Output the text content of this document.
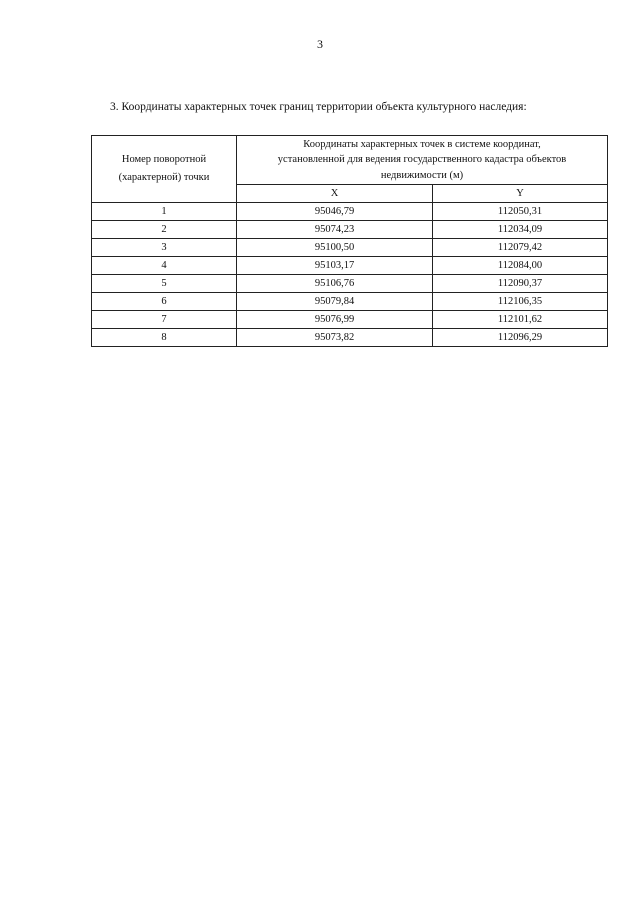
3
3. Координаты характерных точек границ территории объекта культурного наследия:
Номер поворотной
(характерной) точки	Координаты характерных точек в системе координат,
установленной для ведения государственного кадастра объектов
недвижимости (м)	
	X	Y
1	95046,79	112050,31
2	95074,23	112034,09
3	95100,50	112079,42
4	95103,17	112084,00
5	95106,76	112090,37
6	95079,84	112106,35
7	95076,99	112101,62
8	95073,82	112096,29
